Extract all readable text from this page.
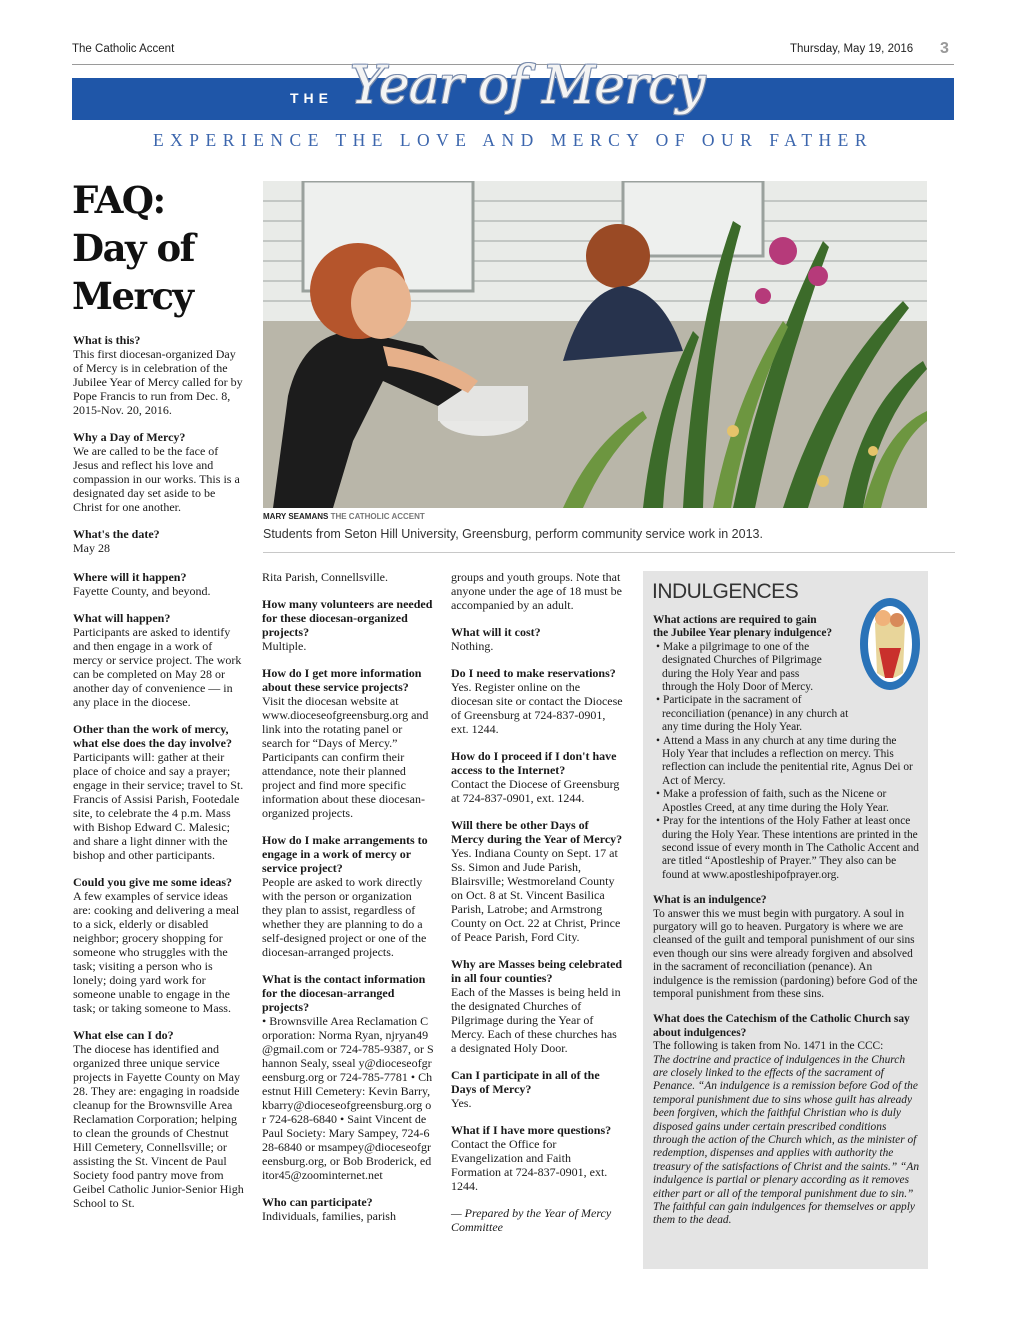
The Catholic Accent	Thursday, May 19, 2016 3
THE Year of Mercy
EXPERIENCE THE LOVE AND MERCY OF OUR FATHER
FAQ:
Day of
Mercy
MARY SEAMANS THE CATHOLIC ACCENT
Students from Seton Hill University, Greensburg, perform community service work in 2013.

What is this?
This first diocesan-organized Day of Mercy is in celebration of the Jubilee Year of Mercy called for by Pope Francis to run from Dec. 8, 2015-Nov. 20, 2016.

Why a Day of Mercy?
We are called to be the face of Jesus and reflect his love and compassion in our works. This is a designated day set aside to be Christ for one another.

What's the date?
May 28

Where will it happen?
Fayette County, and beyond.

What will happen?
Participants are asked to identify and then engage in a work of mercy or service project. The work can be completed on May 28 or another day of convenience — in any place in the diocese.

Other than the work of mercy, what else does the day involve?
Participants will: gather at their place of choice and say a prayer; engage in their service; travel to St. Francis of Assisi Parish, Footedale site, to celebrate the 4 p.m. Mass with Bishop Edward C. Malesic; and share a light dinner with the bishop and other participants.

Could you give me some ideas?
A few examples of service ideas are: cooking and delivering a meal to a sick, elderly or disabled neighbor; grocery shopping for someone who struggles with the task; visiting a person who is lonely; doing yard work for someone unable to engage in the task; or taking someone to Mass.

What else can I do?
The diocese has identified and organized three unique service projects in Fayette County on May 28. They are: engaging in roadside cleanup for the Brownsville Area Reclamation Corporation; helping to clean the grounds of Chestnut Hill Cemetery, Connellsville; or assisting the St. Vincent de Paul Society food pantry move from Geibel Catholic Junior-Senior High School to St.

Rita Parish, Connellsville.

How many volunteers are needed for these diocesan-organized projects?
Multiple.

How do I get more information about these service projects?
Visit the diocesan website at www.dioceseofgreensburg.org and link into the rotating panel or search for “Days of Mercy.” Participants can confirm their attendance, note their planned project and find more specific information about these diocesan-organized projects.

How do I make arrangements to engage in a work of mercy or service project?
People are asked to work directly with the person or organization they plan to assist, regardless of whether they are planning to do a self-designed project or one of the diocesan-arranged projects.

What is the contact information for the diocesan-arranged projects?
• Brownsville Area Reclamation Corporation: Norma Ryan, njryan49@gmail.com or 724-785-9387, or Shannon Sealy, sseal y@dioceseofgreensburg.org or 724-785-7781 • Chestnut Hill Cemetery: Kevin Barry, kbarry@dioceseofgreensburg.org or 724-628-6840 • Saint Vincent de Paul Society: Mary Sampey, 724-628-6840 or msampey@dioceseofgreensburg.org, or Bob Broderick, editor45@zoominternet.net

Who can participate?
Individuals, families, parish

groups and youth groups. Note that anyone under the age of 18 must be accompanied by an adult.

What will it cost?
Nothing.

Do I need to make reservations?
Yes. Register online on the diocesan site or contact the Diocese of Greensburg at 724-837-0901, ext. 1244.

How do I proceed if I don't have access to the Internet?
Contact the Diocese of Greensburg at 724-837-0901, ext. 1244.

Will there be other Days of Mercy during the Year of Mercy?
Yes. Indiana County on Sept. 17 at Ss. Simon and Jude Parish, Blairsville; Westmoreland County on Oct. 8 at St. Vincent Basilica Parish, Latrobe; and Armstrong County on Oct. 22 at Christ, Prince of Peace Parish, Ford City.

Why are Masses being celebrated in all four counties?
Each of the Masses is being held in the designated Churches of Pilgrimage during the Year of Mercy. Each of these churches has a designated Holy Door.

Can I participate in all of the Days of Mercy?
Yes.

What if I have more questions?
Contact the Office for Evangelization and Faith Formation at 724-837-0901, ext. 1244.

— Prepared by the Year of Mercy Committee

INDULGENCES

What actions are required to gain the Jubilee Year plenary indulgence?

• Make a pilgrimage to one of the designated Churches of Pilgrimage during the Holy Year and pass through the Holy Door of Mercy.
• Participate in the sacrament of reconciliation (penance) in any church at any time during the Holy Year.
• Attend a Mass in any church at any time during the Holy Year that includes a reflection on mercy. This reflection can include the penitential rite, Agnus Dei or Act of Mercy.
• Make a profession of faith, such as the Nicene or Apostles Creed, at any time during the Holy Year.
• Pray for the intentions of the Holy Father at least once during the Holy Year. These intentions are printed in the second issue of every month in The Catholic Accent and are titled “Apostleship of Prayer.” They also can be found at www.apostleshipofprayer.org.

What is an indulgence?
To answer this we must begin with purgatory. A soul in purgatory will go to heaven. Purgatory is where we are cleansed of the guilt and temporal punishment of our sins even though our sins were already forgiven and absolved in the sacrament of reconciliation (penance). An indulgence is the remission (pardoning) before God of the temporal punishment from these sins.

What does the Catechism of the Catholic Church say about indulgences?
The following is taken from No. 1471 in the CCC:
The doctrine and practice of indulgences in the Church are closely linked to the effects of the sacrament of Penance. “An indulgence is a remission before God of the temporal punishment due to sins whose guilt has already been forgiven, which the faithful Christian who is duly disposed gains under certain prescribed conditions through the action of the Church which, as the minister of redemption, dispenses and applies with authority the treasury of the satisfactions of Christ and the saints.” “An indulgence is partial or plenary according as it removes either part or all of the temporal punishment due to sin.” The faithful can gain indulgences for themselves or apply them to the dead.
